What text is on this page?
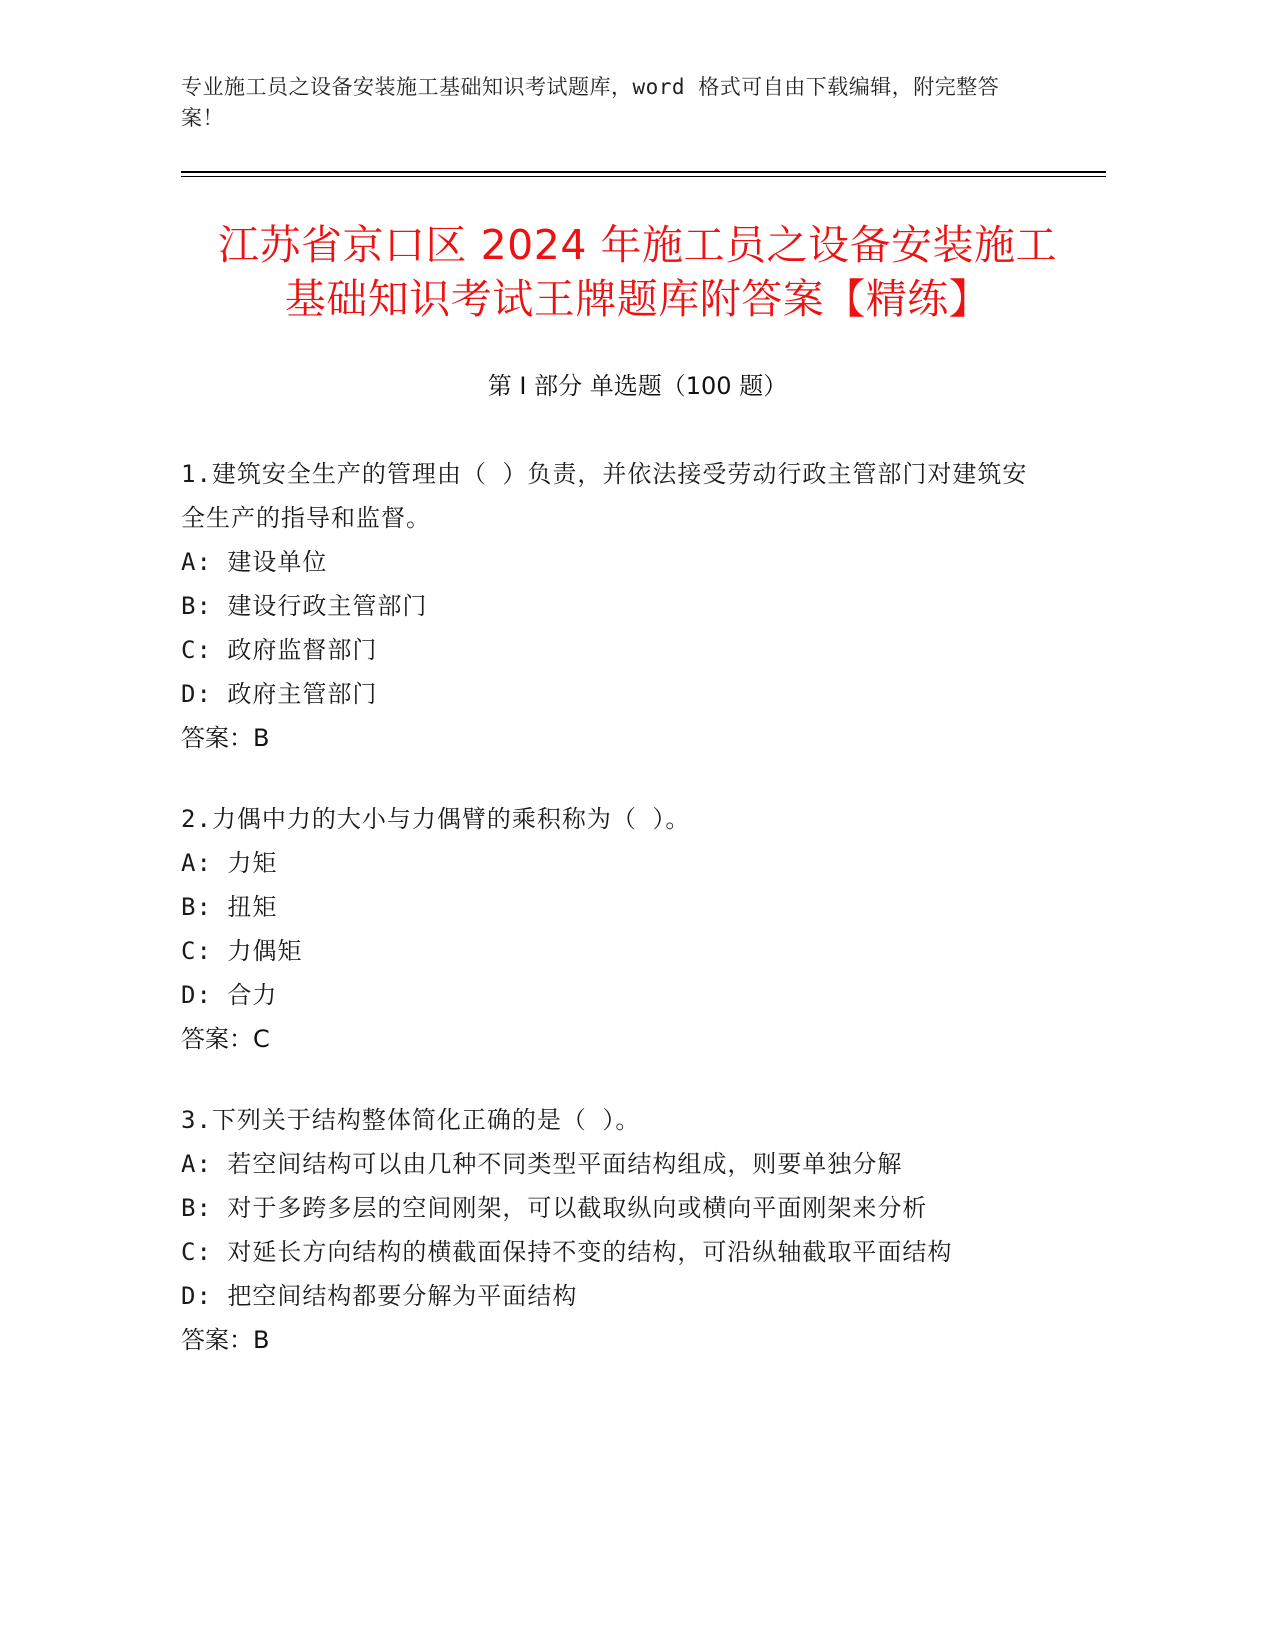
专业施工员之设备安装施工基础知识考试题库，word 格式可自由下载编辑，附完整答案！
江苏省京口区 2024 年施工员之设备安装施工
基础知识考试王牌题库附答案【精练】
第 I 部分 单选题（100 题）

1.建筑安全生产的管理由（ ）负责，并依法接受劳动行政主管部门对建筑安全生产的指导和监督。

A: 建设单位

B: 建设行政主管部门

C: 政府监督部门

D: 政府主管部门

答案：B

2.力偶中力的大小与力偶臂的乘积称为（ ）。

A: 力矩

B: 扭矩

C: 力偶矩

D: 合力

答案：C

3.下列关于结构整体简化正确的是（ ）。

A: 若空间结构可以由几种不同类型平面结构组成，则要单独分解

B: 对于多跨多层的空间刚架，可以截取纵向或横向平面刚架来分析

C: 对延长方向结构的横截面保持不变的结构，可沿纵轴截取平面结构

D: 把空间结构都要分解为平面结构

答案：B
